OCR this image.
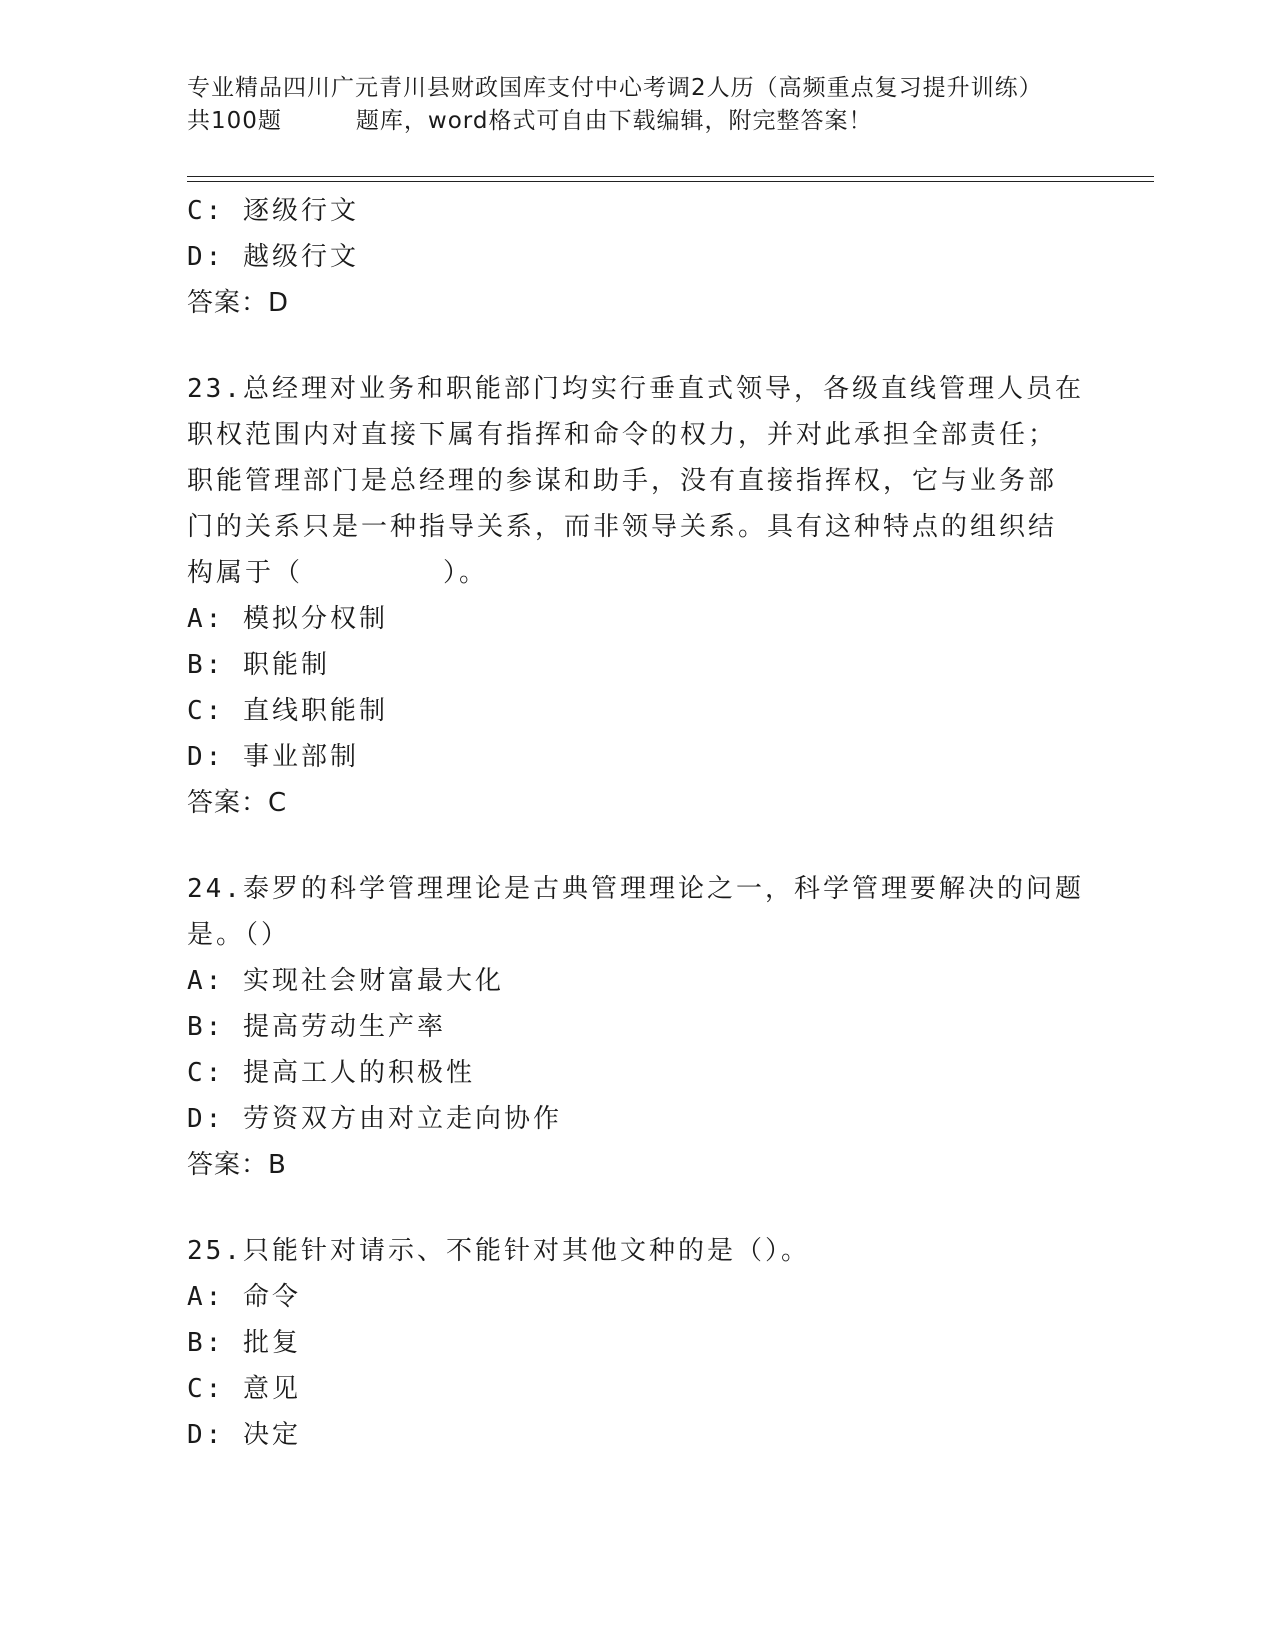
专业精品四川广元青川县财政国库支付中心考调2人历（高频重点复习提升训练）
共100题	题库，word格式可自由下载编辑，附完整答案！
C: 逐级行文
D: 越级行文
答案：D
23.总经理对业务和职能部门均实行垂直式领导，各级直线管理人员在
职权范围内对直接下属有指挥和命令的权力，并对此承担全部责任；
职能管理部门是总经理的参谋和助手，没有直接指挥权，它与业务部
门的关系只是一种指导关系，而非领导关系。具有这种特点的组织结
构属于（	）。
A: 模拟分权制
B: 职能制
C: 直线职能制
D: 事业部制
答案：C
24.泰罗的科学管理理论是古典管理理论之一，科学管理要解决的问题
是。（）
A: 实现社会财富最大化
B: 提高劳动生产率
C: 提高工人的积极性
D: 劳资双方由对立走向协作
答案：B
25.只能针对请示、不能针对其他文种的是（）。
A: 命令
B: 批复
C: 意见
D: 决定
